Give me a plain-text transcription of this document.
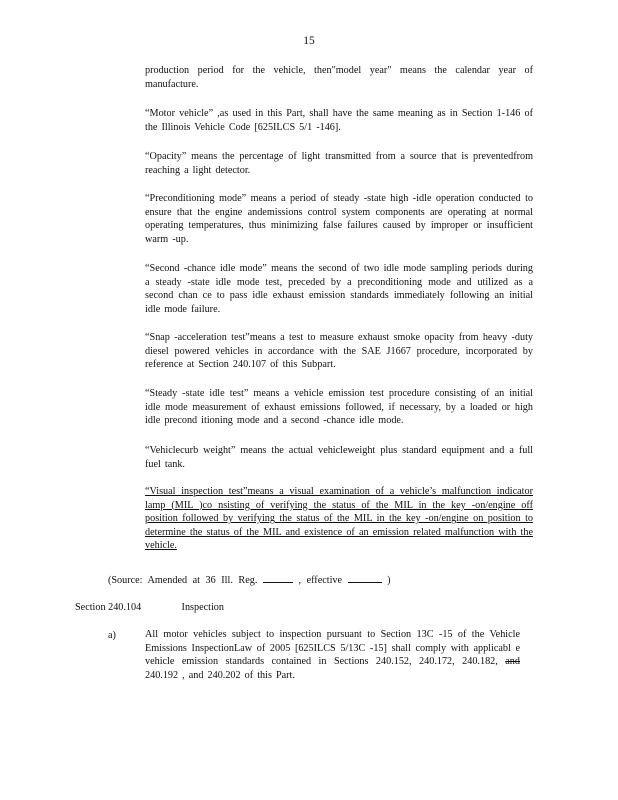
15

production period for the vehicle, then"model year" means the calendar year of manufacture.

“Motor vehicle” ,as used in this Part, shall have the same meaning as in Section 1-146 of the Illinois Vehicle Code [625ILCS 5/1 -146].

“Opacity” means the percentage of light transmitted from a source that is preventedfrom reaching a light detector.

“Preconditioning mode” means a period of steady -state high -idle operation conducted to ensure that the engine andemissions control system components are operating at normal operating temperatures, thus minimizing false failures caused by improper or insufficient warm -up.

“Second -chance idle mode” means the second of two idle mode sampling periods during a steady -state idle mode test, preceded by a preconditioning mode and utilized as a second chan ce to pass idle exhaust emission standards immediately following an initial idle mode failure.

“Snap -acceleration test”means a test to measure exhaust smoke opacity from heavy -duty diesel powered vehicles in accordance with the SAE J1667 procedure, incorporated by reference at Section 240.107 of this Subpart.

“Steady -state idle test” means a vehicle emission test procedure consisting of an initial idle mode measurement of exhaust emissions followed, if necessary, by a loaded or high idle precond itioning mode and a second -chance idle mode.

“Vehiclecurb weight” means the actual vehicleweight plus standard equipment and a full fuel tank.

“Visual inspection test”means a visual examination of a vehicle’s malfunction indicator lamp (MIL )co nsisting of verifying the status of the MIL in the key -on/engine off position followed by verifying the status of the MIL in the key -on/engine on position to determine the status of the MIL and existence of an emission related malfunction with the vehicle.

(Source: Amended at 36 Ill. Reg.	, effective	)
Section 240.104	Inspection
a)	All motor vehicles subject to inspection pursuant to Section 13C -15 of the Vehicle Emissions InspectionLaw of 2005 [625ILCS 5/13C -15] shall comply with applicabl e vehicle emission standards contained in Sections 240.152, 240.172, 240.182, and 240.192 , and 240.202 of this Part.
